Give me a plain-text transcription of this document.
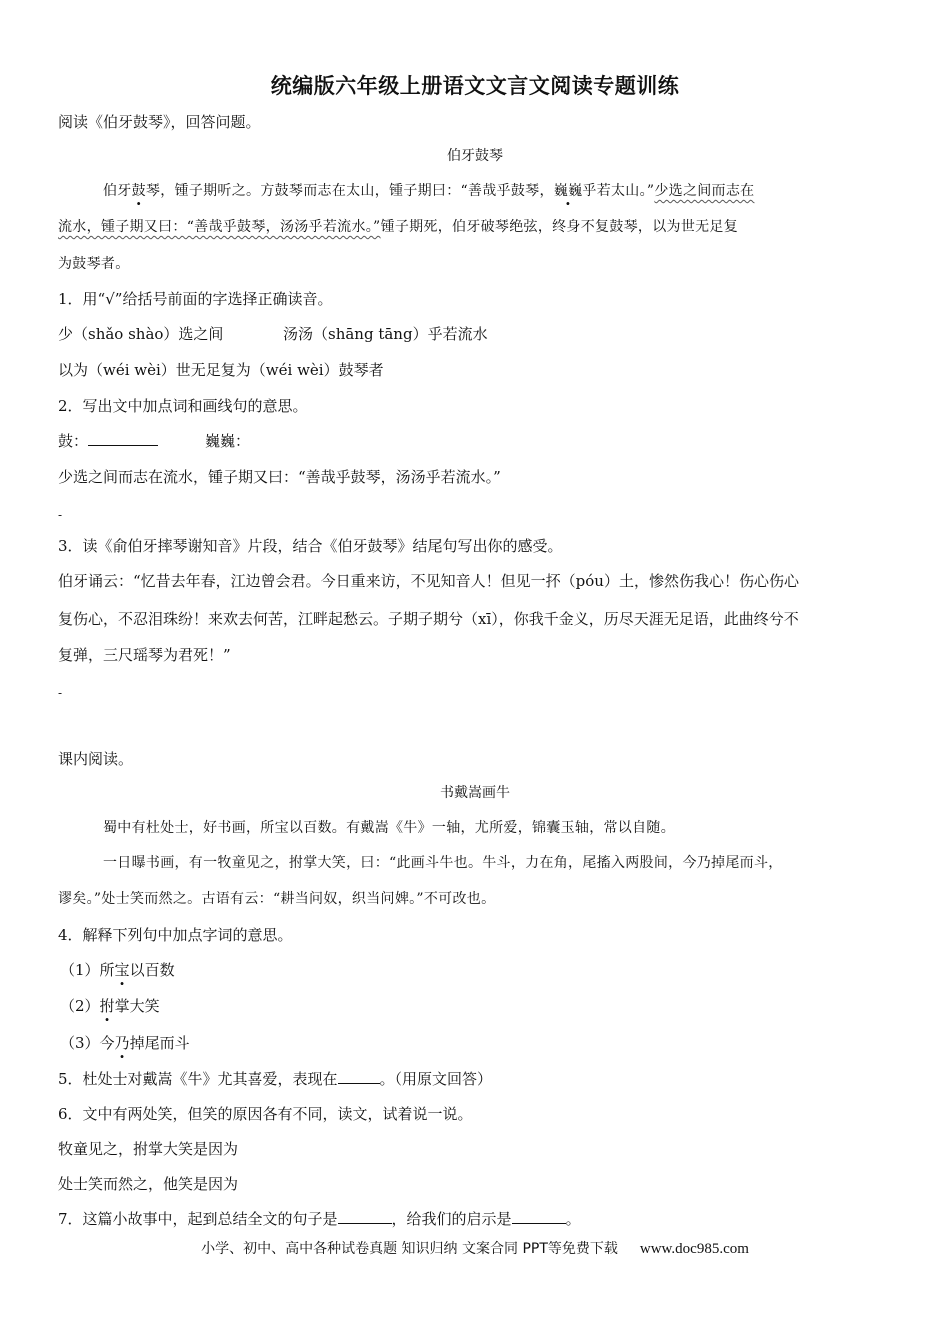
统编版六年级上册语文文言文阅读专题训练
阅读《伯牙鼓琴》，回答问题。
伯牙鼓琴
伯牙鼓琴，锺子期听之。方鼓琴而志在太山，锺子期曰：“善哉乎鼓琴，巍巍乎若太山。”少选之间而志在
流水，锺子期又曰：“善哉乎鼓琴，汤汤乎若流水。”锺子期死，伯牙破琴绝弦，终身不复鼓琴，以为世无足复
为鼓琴者。
1．用“√”给括号前面的字选择正确读音。
少（shǎo shào）选之间	汤汤（shāng tāng）乎若流水
以为（wéi wèi）世无足复为（wéi wèi）鼓琴者
2．写出文中加点词和画线句的意思。
鼓：	巍巍：
少选之间而志在流水，锺子期又曰：“善哉乎鼓琴，汤汤乎若流水。”
-
3．读《俞伯牙摔琴谢知音》片段，结合《伯牙鼓琴》结尾句写出你的感受。
伯牙诵云：“忆昔去年春，江边曾会君。今日重来访，不见知音人！但见一抔（póu）土，惨然伤我心！伤心伤心
复伤心，不忍泪珠纷！来欢去何苦，江畔起愁云。子期子期兮（xī），你我千金义，历尽天涯无足语，此曲终兮不
复弹，三尺瑶琴为君死！”
-
课内阅读。
书戴嵩画牛
蜀中有杜处士，好书画，所宝以百数。有戴嵩《牛》一轴，尤所爱，锦囊玉轴，常以自随。
一日曝书画，有一牧童见之，拊掌大笑，曰：“此画斗牛也。牛斗，力在角，尾搐入两股间，今乃掉尾而斗，
谬矣。”处士笑而然之。古语有云：“耕当问奴，织当问婢。”不可改也。
4．解释下列句中加点字词的意思。
（1）所宝以百数
（2）拊掌大笑
（3）今乃掉尾而斗
5．杜处士对戴嵩《牛》尤其喜爱，表现在	。（用原文回答）
6．文中有两处笑，但笑的原因各有不同，读文，试着说一说。
牧童见之，拊掌大笑是因为
处士笑而然之，他笑是因为
7．这篇小故事中，起到总结全文的句子是	，给我们的启示是	。
小学、初中、高中各种试卷真题 知识归纳 文案合同 PPT等免费下载 www.doc985.com
